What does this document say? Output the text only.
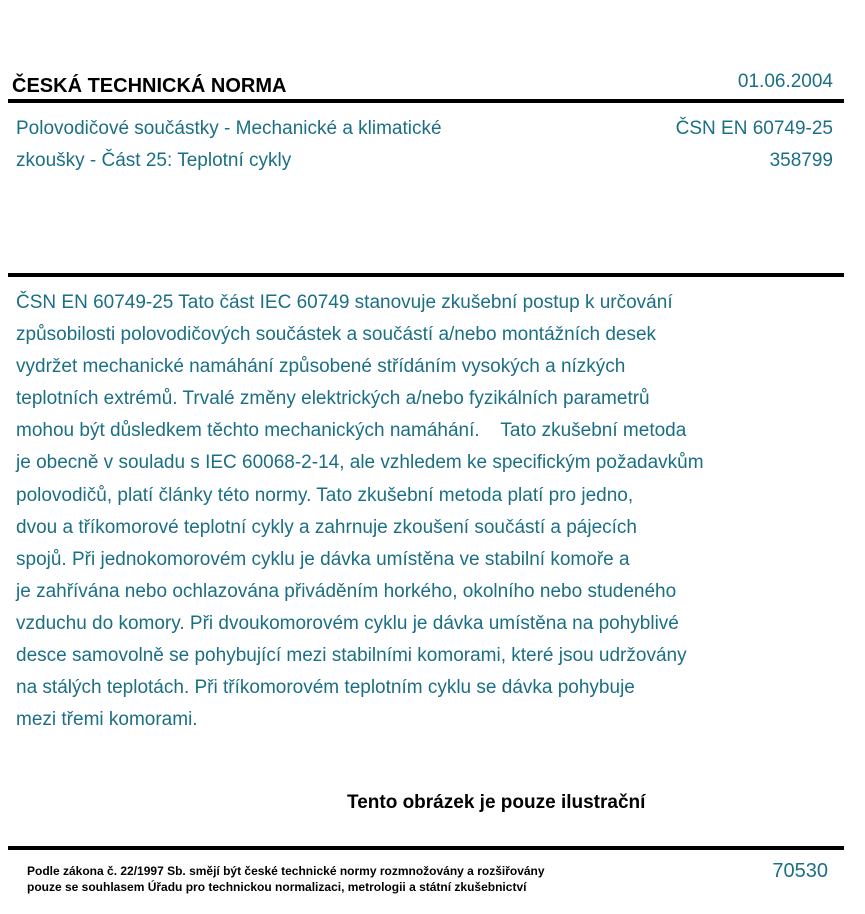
ČESKÁ TECHNICKÁ NORMA	01.06.2004
Polovodičové součástky - Mechanické a klimatické
zkoušky - Část 25: Teplotní cykly
ČSN EN 60749-25
358799
ČSN EN 60749-25 Tato část IEC 60749 stanovuje zkušební postup k určování
způsobilosti polovodičových součástek a součástí a/nebo montážních desek
vydržet mechanické namáhání způsobené střídáním vysokých a nízkých
teplotních extrémů. Trvalé změny elektrických a/nebo fyzikálních parametrů
mohou být důsledkem těchto mechanických namáhání.    Tato zkušební metoda
je obecně v souladu s IEC 60068-2-14, ale vzhledem ke specifickým požadavkům
polovodičů, platí články této normy. Tato zkušební metoda platí pro jedno,
dvou a tříkomorové teplotní cykly a zahrnuje zkoušení součástí a pájecích
spojů. Při jednokomorovém cyklu je dávka umístěna ve stabilní komoře a
je zahřívána nebo ochlazována přiváděním horkého, okolního nebo studeného
vzduchu do komory. Při dvoukomorovém cyklu je dávka umístěna na pohyblivé
desce samovolně se pohybující mezi stabilními komorami, které jsou udržovány
na stálých teplotách. Při tříkomorovém teplotním cyklu se dávka pohybuje
mezi třemi komorami.
Tento obrázek je pouze ilustrační
Podle zákona č. 22/1997 Sb. smějí být české technické normy rozmnožovány a rozšiřovány
pouze se souhlasem Úřadu pro technickou normalizaci, metrologii a státní zkušebnictví
70530
